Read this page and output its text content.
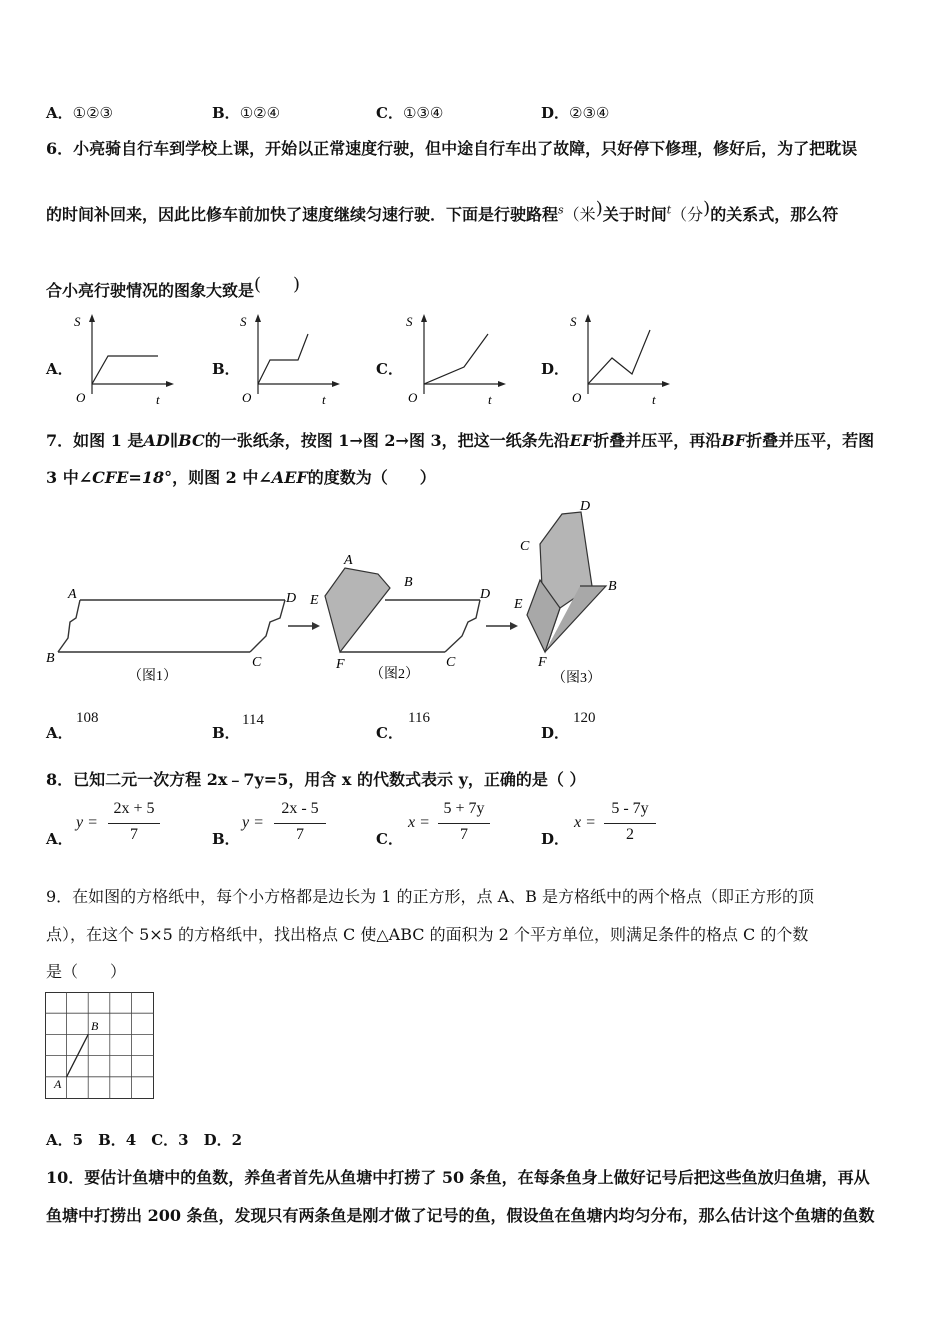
A．①②③	B．①②④	C．①③④	D．②③④
6．小亮骑自行车到学校上课，开始以正常速度行驶，但中途自行车出了故障，只好停下修理，修好后，为了把耽误
的时间补回来，因此比修车前加快了速度继续匀速行驶．下面是行驶路程$^s$（米)关于时间$^t$（分)的关系式，那么符
合小亮行驶情况的图象大致是( )
A．	B．	C．	D．
S
t
O
S
t
O
S
t
O
S
t
O
7．如图 1 是AD∥BC的一张纸条，按图 1→图 2→图 3，把这一纸条先沿EF折叠并压平，再沿BF折叠并压平，若图
3 中∠CFE=18°，则图 2 中∠AEF的度数为（　　）
A
B	C
D
（图1）
A
B
E
F	C
D
（图2）
D
C
B
E
F
（图3）
A．
108
B．
114
C．
116
D．
120
8．已知二元一次方程 2x﹣7y=5，用含 x 的代数式表示 y，正确的是（ ）
A．
y =
2x + 5
7	B．
y =
2x - 5
7	C．
x =
5 + 7y
7	D．
x =
5 - 7y
2
9．在如图的方格纸中，每个小方格都是边长为 1 的正方形，点 A、B 是方格纸中的两个格点（即正方形的顶
点），在这个 5×5 的方格纸中，找出格点 C 使△ABC 的面积为 2 个平方单位，则满足条件的格点 C 的个数
是（　　）
A
B
A．5　B．4　C．3　D．2
10．要估计鱼塘中的鱼数，养鱼者首先从鱼塘中打捞了 50 条鱼，在每条鱼身上做好记号后把这些鱼放归鱼塘，再从
鱼塘中打捞出 200 条鱼，发现只有两条鱼是刚才做了记号的鱼，假设鱼在鱼塘内均匀分布，那么估计这个鱼塘的鱼数
